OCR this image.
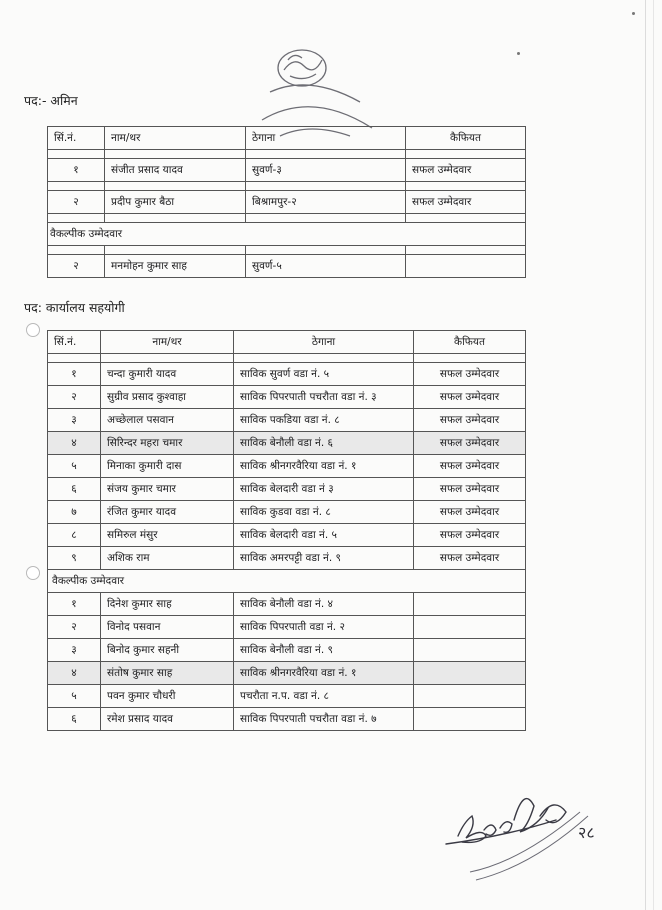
पद:- अमिन
सिं.नं.	नाम/थर	ठेगाना	कैफियत

१	संजीत प्रसाद यादव	सुवर्ण-३	सफल उम्मेदवार

२	प्रदीप कुमार बैठा	बिश्रामपुर-२	सफल उम्मेदवार

वैकल्पीक उम्मेदवार			

२	मनमोहन कुमार साह	सुवर्ण-५	
पद: कार्यालय सहयोगी
सिं.नं.	नाम/थर	ठेगाना	कैफियत

१	चन्दा कुमारी यादव	साविक सुवर्ण वडा नं. ५	सफल उम्मेदवार
२	सुग्रीव प्रसाद कुश्वाहा	साविक पिपरपाती पचरौता वडा नं. ३	सफल उम्मेदवार
३	अच्छेलाल पसवान	साविक पकडिया वडा नं. ८	सफल उम्मेदवार
४	सिरिन्दर महरा चमार	साविक बेनौली वडा नं. ६	सफल उम्मेदवार
५	मिनाका कुमारी दास	साविक श्रीनगरवैरिया वडा नं. १	सफल उम्मेदवार
६	संजय कुमार चमार	साविक बेलदारी वडा नं ३	सफल उम्मेदवार
७	रंजित कुमार यादव	साविक कुडवा वडा नं. ८	सफल उम्मेदवार
८	समिरुल मंसुर	साविक बेलदारी वडा नं. ५	सफल उम्मेदवार
९	अशिक राम	साविक अमरपट्टी वडा नं. ९	सफल उम्मेदवार
वैकल्पीक उम्मेदवार			
१	दिनेश कुमार साह	साविक बेनौली वडा नं. ४	
२	विनोद पसवान	साविक पिपरपाती वडा नं. २	
३	बिनोद कुमार सहनी	साविक बेनौली वडा नं. ९	
४	संतोष कुमार साह	साविक श्रीनगरवैरिया वडा नं. १	
५	पवन कुमार चौधरी	पचरौता न.प. वडा नं. ८	
६	रमेश प्रसाद यादव	साविक पिपरपाती पचरौता वडा नं. ७	
२८
